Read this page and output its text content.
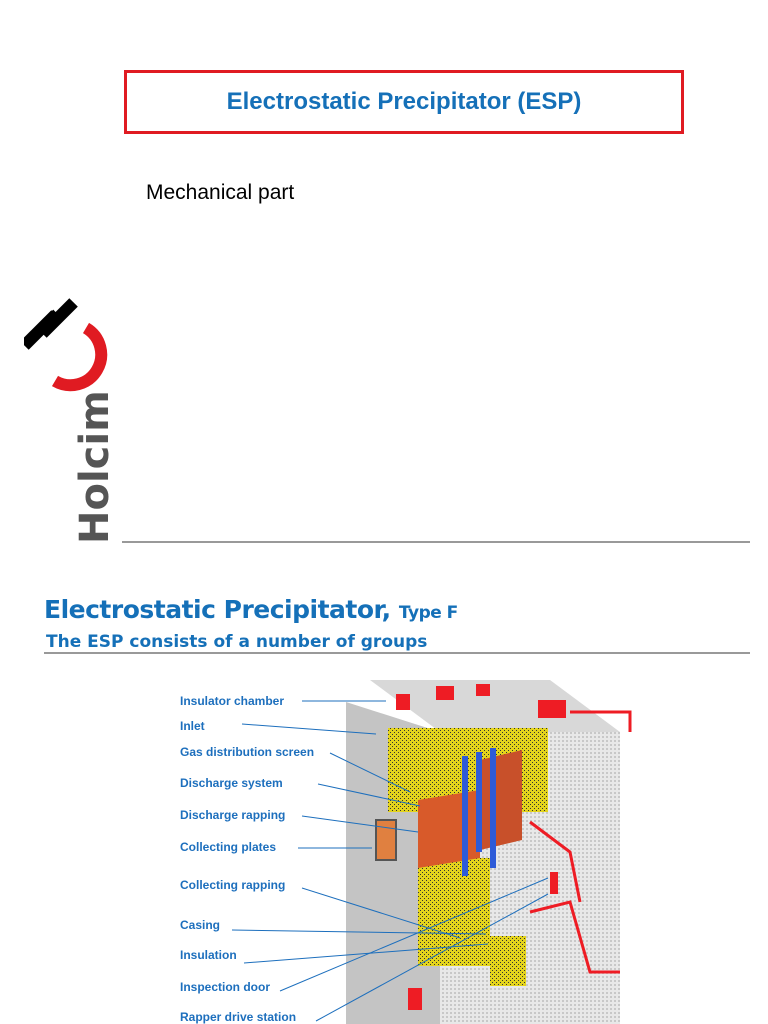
Electrostatic Precipitator (ESP)
Mechanical part
Holcim
Electrostatic Precipitator, Type F
The ESP consists of a number of groups
Insulator chamber
Inlet
Gas distribution screen
Discharge system
Discharge rapping
Collecting plates
Collecting rapping
Casing
Insulation
Inspection door
Rapper drive station
